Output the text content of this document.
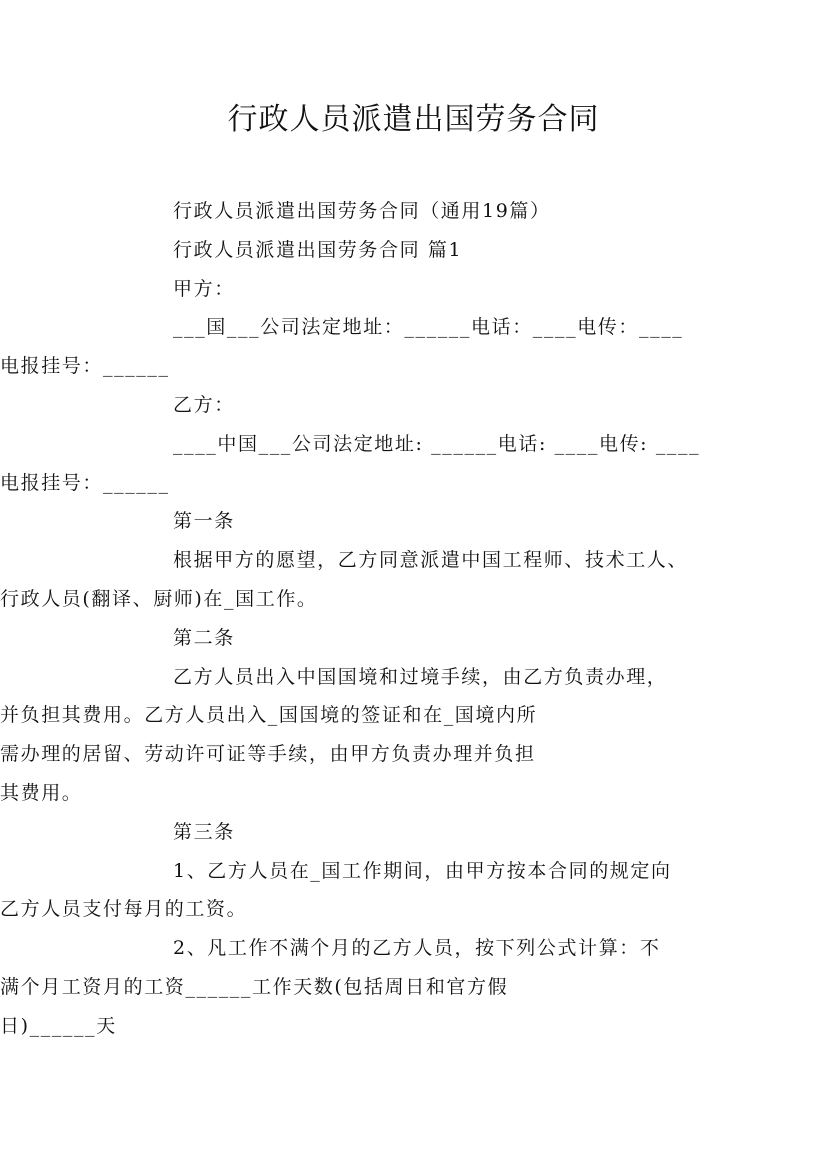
行政人员派遣出国劳务合同

行政人员派遣出国劳务合同（通用19篇）

行政人员派遣出国劳务合同 篇1

甲方：

___国___公司法定地址：______电话：____电传：____
电报挂号：______

乙方：

____中国___公司法定地址: ______电话: ____电传: ____
电报挂号：______

第一条

根据甲方的愿望，乙方同意派遣中国工程师、技术工人、
行政人员(翻译、厨师)在_国工作。

第二条

乙方人员出入中国国境和过境手续，由乙方负责办理，
并负担其费用。乙方人员出入_国国境的签证和在_国境内所
需办理的居留、劳动许可证等手续，由甲方负责办理并负担
其费用。

第三条

1、乙方人员在_国工作期间，由甲方按本合同的规定向
乙方人员支付每月的工资。

2、凡工作不满个月的乙方人员，按下列公式计算：不
满个月工资月的工资______工作天数(包括周日和官方假
日)______天
